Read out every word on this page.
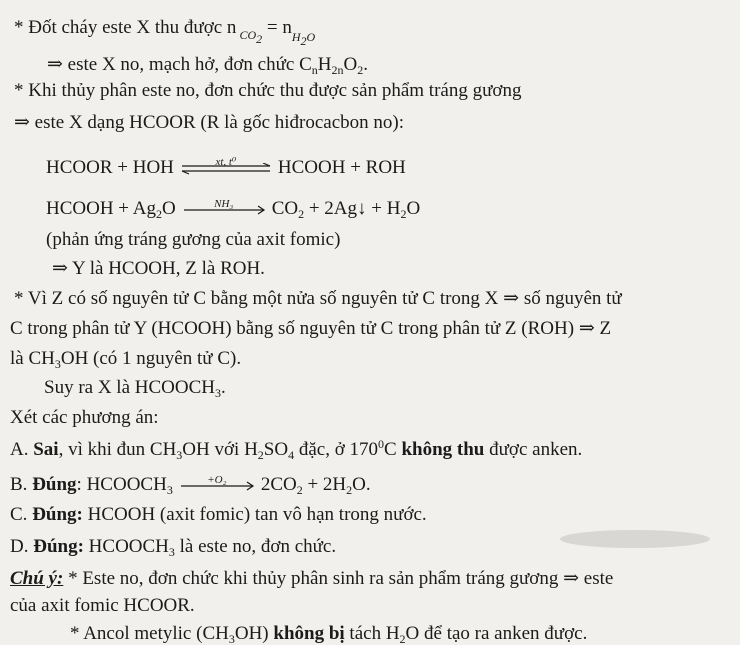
* Đốt cháy este X thu được n $_{CO_2} = n_{H_2O}$
⇒ este X no, mạch hở, đơn chức $C_nH_{2n}O_2$.
* Khi thủy phân este no, đơn chức thu được sản phẩm tráng gương
⇒ este X dạng HCOOR (R là gốc hiđrocacbon no):
HCOOR + HOH	xt, t⁰	HCOOH + ROH
HCOOH + $Ag_2O$	NH₃	$CO_2$ + 2Ag↓ + $H_2O$
(phản ứng tráng gương của axit fomic)
⇒ Y là HCOOH, Z là ROH.
* Vì Z có số nguyên tử C bằng một nửa số nguyên tử C trong X ⇒ số nguyên tử
C trong phân tử Y (HCOOH) bằng số nguyên tử C trong phân tử Z (ROH) ⇒ Z
là $CH_3OH$ (có 1 nguyên tử C).
Suy ra X là $HCOOCH_3$.
Xét các phương án:
A. Sai, vì khi đun $CH_3OH$ với $H_2SO_4$ đặc, ở $170^0C$ không thu được anken.
B. Đúng: $HCOOCH_3$
+O₂	$2CO_2 + 2H_2O$.
C. Đúng: HCOOH (axit fomic) tan vô hạn trong nước.
D. Đúng: $HCOOCH_3$ là este no, đơn chức.
Chú ý: * Este no, đơn chức khi thủy phân sinh ra sản phẩm tráng gương ⇒ este
của axit fomic HCOOR.
* Ancol metylic $(CH_3OH)$ không bị tách $H_2O$ để tạo ra anken được.
